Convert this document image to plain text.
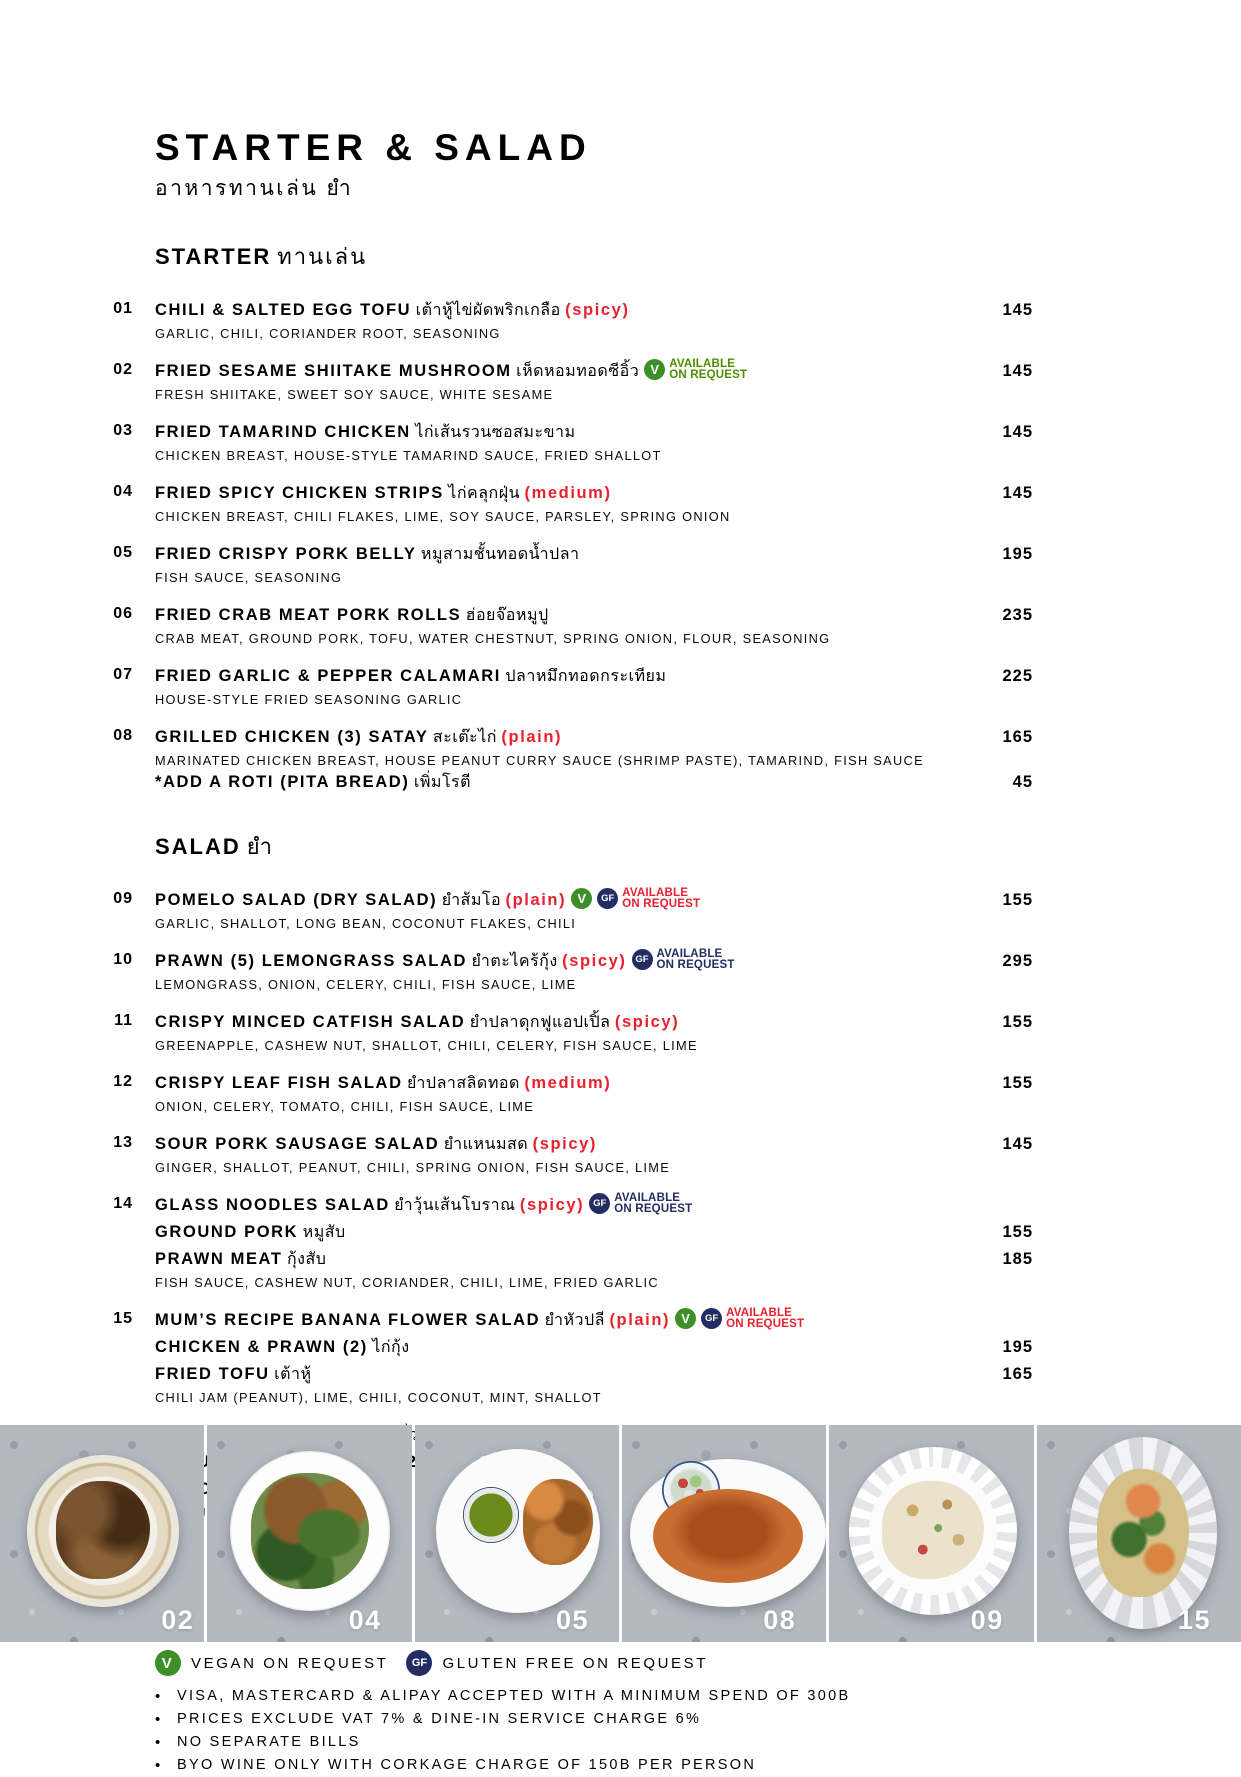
STARTER & SALAD
อาหารทานเล่น ยำ
STARTER ทานเล่น
01 CHILI & SALTED EGG TOFU เต้าหู้ไข่ผัดพริกเกลือ (spicy)	145
GARLIC, CHILI, CORIANDER ROOT, SEASONING
02 FRIED SESAME SHIITAKE MUSHROOM เห็ดหอมทอดซีอิ้ว V AVAILABLE
ON REQUEST	145
FRESH SHIITAKE, SWEET SOY SAUCE, WHITE SESAME
03 FRIED TAMARIND CHICKEN ไก่เส้นรวนซอสมะขาม	145
CHICKEN BREAST, HOUSE-STYLE TAMARIND SAUCE, FRIED SHALLOT
04 FRIED SPICY CHICKEN STRIPS ไก่คลุกฝุ่น (medium)	145
CHICKEN BREAST, CHILI FLAKES, LIME, SOY SAUCE, PARSLEY, SPRING ONION
05 FRIED CRISPY PORK BELLY หมูสามชั้นทอดน้ำปลา	195
FISH SAUCE, SEASONING
06 FRIED CRAB MEAT PORK ROLLS ฮ่อยจ๊อหมูปู	235
CRAB MEAT, GROUND PORK, TOFU, WATER CHESTNUT, SPRING ONION, FLOUR, SEASONING
07 FRIED GARLIC & PEPPER CALAMARI ปลาหมึกทอดกระเทียม	225
HOUSE-STYLE FRIED SEASONING GARLIC
08 GRILLED CHICKEN (3) SATAY สะเต๊ะไก่ (plain)	165
MARINATED CHICKEN BREAST, HOUSE PEANUT CURRY SAUCE (SHRIMP PASTE), TAMARIND, FISH SAUCE
*ADD A ROTI (PITA BREAD) เพิ่มโรตี	45
SALAD ยำ
09 POMELO SALAD (DRY SALAD) ยำส้มโอ (plain) V GF AVAILABLE
ON REQUEST	155
GARLIC, SHALLOT, LONG BEAN, COCONUT FLAKES, CHILI
10 PRAWN (5) LEMONGRASS SALAD ยำตะไคร้กุ้ง (spicy) GF AVAILABLE
ON REQUEST	295
LEMONGRASS, ONION, CELERY, CHILI, FISH SAUCE, LIME
11 CRISPY MINCED CATFISH SALAD ยำปลาดุกฟูแอปเปิ้ล (spicy)	155
GREENAPPLE, CASHEW NUT, SHALLOT, CHILI, CELERY, FISH SAUCE, LIME
12 CRISPY LEAF FISH SALAD ยำปลาสลิดทอด (medium)	155
ONION, CELERY, TOMATO, CHILI, FISH SAUCE, LIME
13 SOUR PORK SAUSAGE SALAD ยำแหนมสด (spicy)	145
GINGER, SHALLOT, PEANUT, CHILI, SPRING ONION, FISH SAUCE, LIME
14 GLASS NOODLES SALAD ยำวุ้นเส้นโบราณ (spicy) GF AVAILABLE
ON REQUEST
GROUND PORK หมูสับ	155
PRAWN MEAT กุ้งสับ	185
FISH SAUCE, CASHEW NUT, CORIANDER, CHILI, LIME, FRIED GARLIC
15 MUM’S RECIPE BANANA FLOWER SALAD ยำหัวปลี (plain) V GF AVAILABLE
ON REQUEST
CHICKEN & PRAWN (2) ไก่กุ้ง	195
FRIED TOFU เต้าหู้	165
CHILI JAM (PEANUT), LIME, CHILI, COCONUT, MINT, SHALLOT
(2)
02	04	05	08	09	15
V	VEGAN ON REQUEST	GF	GLUTEN FREE ON REQUEST
• VISA, MASTERCARD & ALIPAY ACCEPTED WITH A MINIMUM SPEND OF 300B
• PRICES EXCLUDE VAT 7% & DINE-IN SERVICE CHARGE 6%
• NO SEPARATE BILLS
• BYO WINE ONLY WITH CORKAGE CHARGE OF 150B PER PERSON
